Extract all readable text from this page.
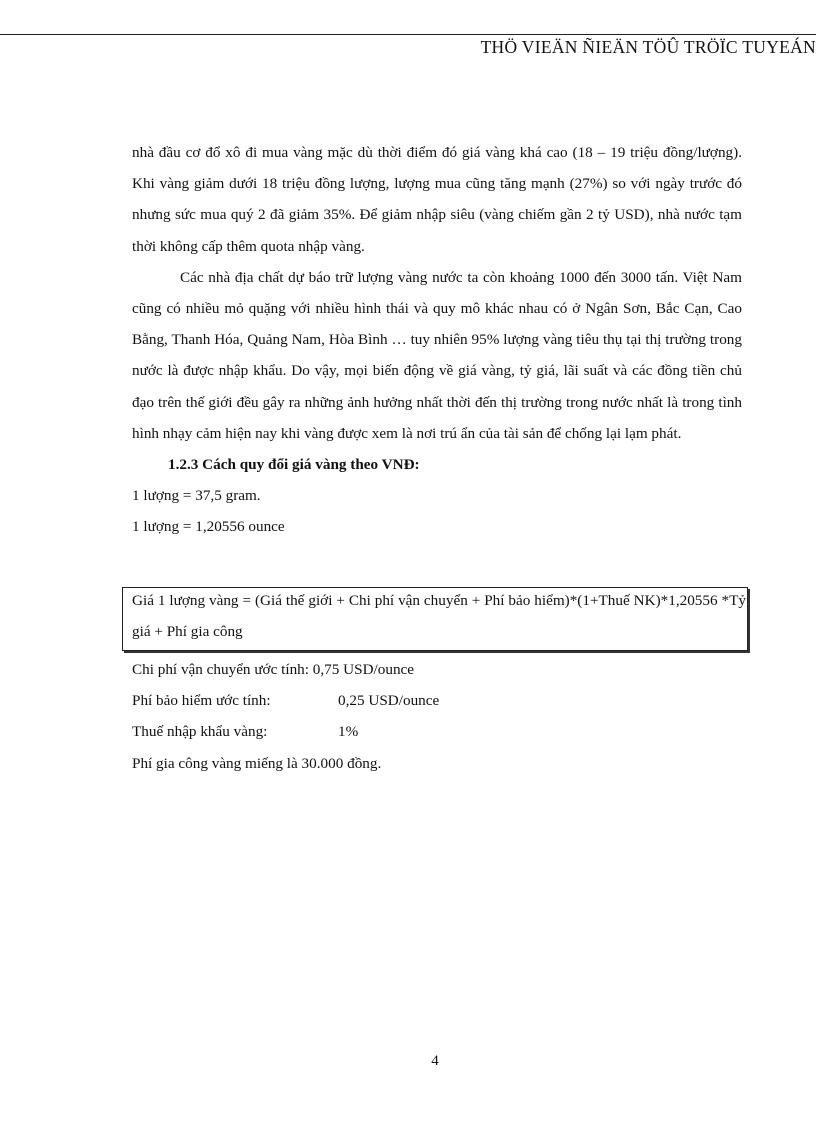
THÖ VIEÄN ÑIEÄN TÖÛ TRÖÏC TUYEÁN

nhà đầu cơ đổ xô đi mua vàng mặc dù thời điểm đó giá vàng khá cao (18 – 19 triệu đồng/lượng). Khi vàng giảm dưới 18 triệu đồng lượng, lượng mua cũng tăng mạnh (27%) so với ngày trước đó nhưng sức mua quý 2 đã giảm 35%. Để giảm nhập siêu (vàng chiếm gần 2 tỷ USD), nhà nước tạm thời không cấp thêm quota nhập vàng.

Các nhà địa chất dự báo trữ lượng vàng nước ta còn khoảng 1000 đến 3000 tấn. Việt Nam cũng có nhiều mỏ quặng với nhiều hình thái và quy mô khác nhau có ở Ngân Sơn, Bắc Cạn, Cao Bằng, Thanh Hóa, Quảng Nam, Hòa Bình … tuy nhiên 95% lượng vàng tiêu thụ tại thị trường trong nước là được nhập khẩu. Do vậy, mọi biến động về giá vàng, tỷ giá, lãi suất và các đồng tiền chủ đạo trên thế giới đều gây ra những ảnh hưởng nhất thời đến thị trường trong nước nhất là trong tình hình nhạy cảm hiện nay khi vàng được xem là nơi trú ẩn của tài sản để chống lại lạm phát.

1.2.3 Cách quy đổi giá vàng theo VNĐ:

1 lượng = 37,5 gram.

1 lượng = 1,20556 ounce

Giá 1 lượng vàng = (Giá thế giới + Chi phí vận chuyển + Phí bảo hiểm)*(1+Thuế NK)*1,20556 *Tỷ giá + Phí gia công

Chi phí vận chuyển ước tính: 0,75 USD/ounce
Phí bảo hiểm ước tính:	0,25 USD/ounce
Thuế nhập khẩu vàng:	1%

Phí gia công vàng miếng là 30.000 đồng.

4
